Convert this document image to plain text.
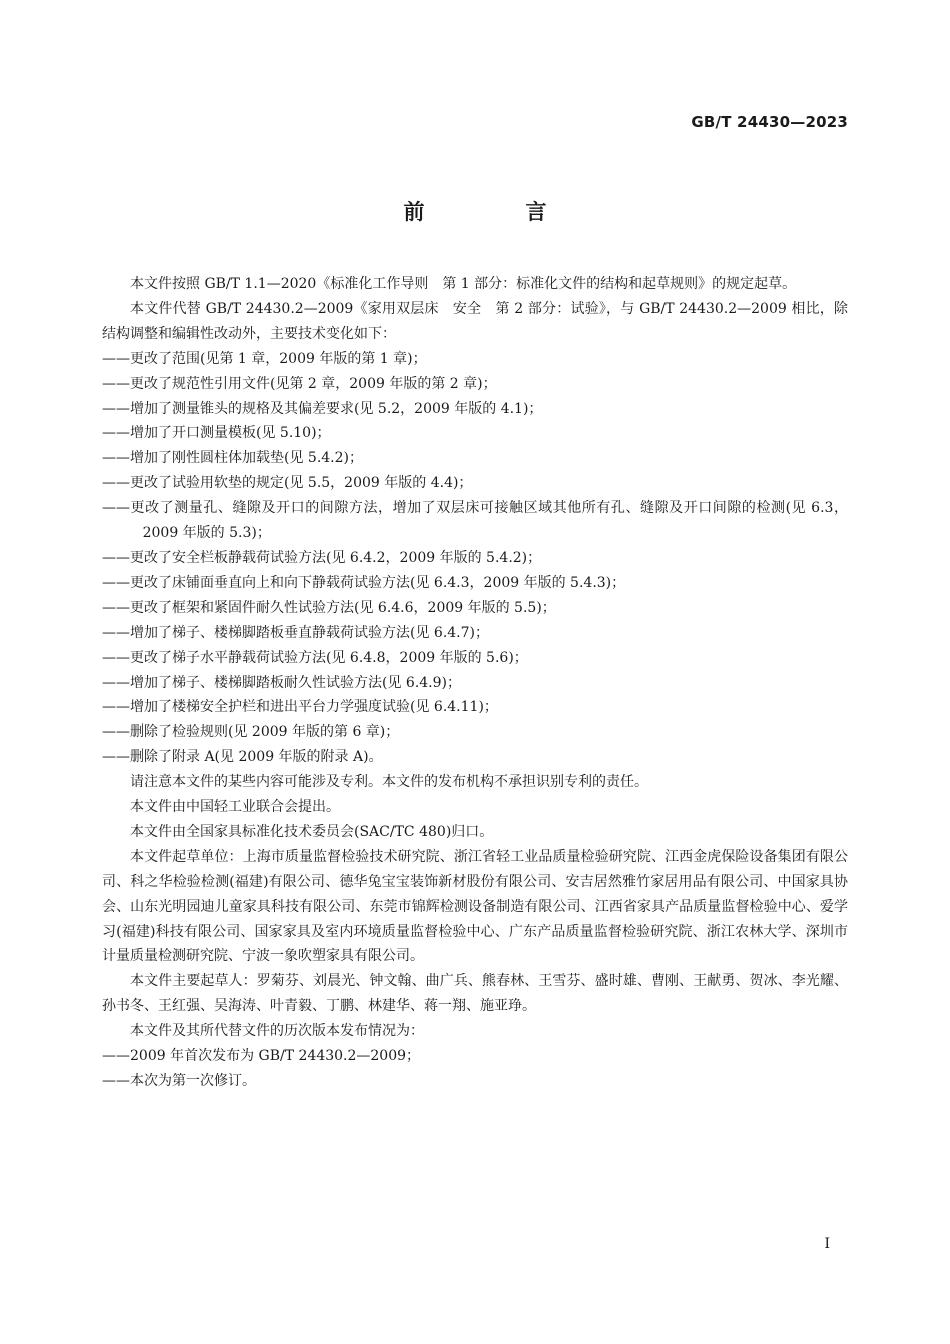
GB/T 24430—2023
前　言

本文件按照 GB/T 1.1—2020《标准化工作导则　第 1 部分：标准化文件的结构和起草规则》的规定起草。

本文件代替 GB/T 24430.2—2009《家用双层床　安全　第 2 部分：试验》，与 GB/T 24430.2—2009 相比，除结构调整和编辑性改动外，主要技术变化如下：

——更改了范围(见第 1 章，2009 年版的第 1 章)；

——更改了规范性引用文件(见第 2 章，2009 年版的第 2 章)；

——增加了测量锥头的规格及其偏差要求(见 5.2，2009 年版的 4.1)；

——增加了开口测量模板(见 5.10)；

——增加了刚性圆柱体加载垫(见 5.4.2)；

——更改了试验用软垫的规定(见 5.5，2009 年版的 4.4)；

——更改了测量孔、缝隙及开口的间隙方法，增加了双层床可接触区域其他所有孔、缝隙及开口间隙的检测(见 6.3，2009 年版的 5.3)；

——更改了安全栏板静载荷试验方法(见 6.4.2，2009 年版的 5.4.2)；

——更改了床铺面垂直向上和向下静载荷试验方法(见 6.4.3，2009 年版的 5.4.3)；

——更改了框架和紧固件耐久性试验方法(见 6.4.6，2009 年版的 5.5)；

——增加了梯子、楼梯脚踏板垂直静载荷试验方法(见 6.4.7)；

——更改了梯子水平静载荷试验方法(见 6.4.8，2009 年版的 5.6)；

——增加了梯子、楼梯脚踏板耐久性试验方法(见 6.4.9)；

——增加了楼梯安全护栏和进出平台力学强度试验(见 6.4.11)；

——删除了检验规则(见 2009 年版的第 6 章)；

——删除了附录 A(见 2009 年版的附录 A)。

请注意本文件的某些内容可能涉及专利。本文件的发布机构不承担识别专利的责任。

本文件由中国轻工业联合会提出。

本文件由全国家具标准化技术委员会(SAC/TC 480)归口。

本文件起草单位：上海市质量监督检验技术研究院、浙江省轻工业品质量检验研究院、江西金虎保险设备集团有限公司、科之华检验检测(福建)有限公司、德华兔宝宝装饰新材股份有限公司、安吉居然雅竹家居用品有限公司、中国家具协会、山东光明园迪儿童家具科技有限公司、东莞市锦辉检测设备制造有限公司、江西省家具产品质量监督检验中心、爱学习(福建)科技有限公司、国家家具及室内环境质量监督检验中心、广东产品质量监督检验研究院、浙江农林大学、深圳市计量质量检测研究院、宁波一象吹塑家具有限公司。

本文件主要起草人：罗菊芬、刘晨光、钟文翰、曲广兵、熊春林、王雪芬、盛时雄、曹刚、王献勇、贺冰、李光耀、孙书冬、王红强、吴海涛、叶青毅、丁鹏、林建华、蒋一翔、施亚琤。

本文件及其所代替文件的历次版本发布情况为：

——2009 年首次发布为 GB/T 24430.2—2009；

——本次为第一次修订。

I
